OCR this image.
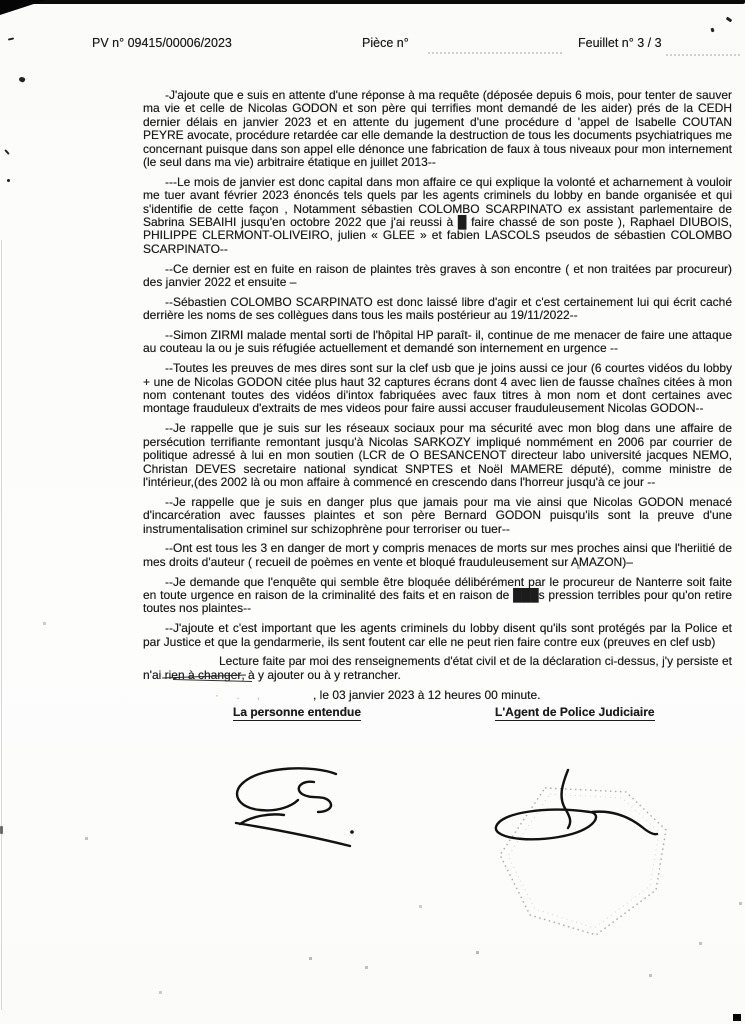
PV n° 09415/00006/2023	Pièce n°	Feuillet n° 3 / 3

-J'ajoute que e suis en attente d'une réponse à ma requête (déposée depuis 6 mois, pour tenter de sauver ma vie et celle de Nicolas GODON et son père qui terrifies mont demandé de les aider) prés de la CEDH dernier délais en janvier 2023 et en attente du jugement d'une procédure d 'appel de Isabelle COUTAN PEYRE avocate, procédure retardée car elle demande la destruction de tous les documents psychiatriques me concernant puisque dans son appel elle dénonce une fabrication de faux à tous niveaux pour mon internement (le seul dans ma vie) arbitraire étatique en juillet 2013--

---Le mois de janvier est donc capital dans mon affaire ce qui explique la volonté et acharnement à vouloir me tuer avant février 2023 énoncés tels quels par les agents criminels du lobby en bande organisée et qui s'identifie de cette façon , Notamment sébastien COLOMBO SCARPINATO ex assistant parlementaire de Sabrina SEBAIHI jusqu'en octobre 2022 que j'ai reussi à █ faire chassé de son poste ), Raphael DIUBOIS, PHILIPPE CLERMONT-OLIVEIRO, julien « GLEE » et fabien LASCOLS pseudos de sébastien COLOMBO SCARPINATO--

--Ce dernier est en fuite en raison de plaintes très graves à son encontre ( et non traitées par procureur) des janvier 2022 et ensuite –

--Sébastien COLOMBO SCARPINATO est donc laissé libre d'agir et c'est certainement lui qui écrit caché derrière les noms de ses collègues dans tous les mails postérieur au 19/11/2022--

--Simon ZIRMI malade mental sorti de l'hôpital HP paraît- il, continue de me menacer de faire une attaque au couteau la ou je suis réfugiée actuellement et demandé son internement en urgence --

--Toutes les preuves de mes dires sont sur la clef usb que je joins aussi ce jour (6 courtes vidéos du lobby + une de Nicolas GODON citée plus haut 32 captures écrans dont 4 avec lien de fausse chaînes citées à mon nom contenant toutes des vidéos di'intox fabriquées avec faux titres à mon nom et dont certaines avec montage frauduleux d'extraits de mes videos pour faire aussi accuser frauduleusement Nicolas GODON--

--Je rappelle que je suis sur les réseaux sociaux pour ma sécurité avec mon blog dans une affaire de persécution terrifiante remontant jusqu'à Nicolas SARKOZY impliqué nommément en 2006 par courrier de politique adressé à lui en mon soutien (LCR de O BESANCENOT directeur labo université jacques NEMO, Christan DEVES secretaire national syndicat SNPTES et Noël MAMERE député), comme ministre de l'intérieur,(des 2002 là ou mon affaire à commencé en crescendo dans l'horreur jusqu'à ce jour --

--Je rappelle que je suis en danger plus que jamais pour ma vie ainsi que Nicolas GODON menacé d'incarcération avec fausses plaintes et son père Bernard GODON puisqu'ils sont la preuve d'une instrumentalisation criminel sur schizophrène pour terroriser ou tuer--

--Ont est tous les 3 en danger de mort y compris menaces de morts sur mes proches ainsi que l'heriitié de mes droits d'auteur ( recueil de poèmes en vente et bloqué frauduleusement sur AMAZON)–

--Je demande que l'enquête qui semble être bloquée délibérément par le procureur de Nanterre soit faite en toute urgence en raison de la criminalité des faits et en raison de ███s pression terribles pour qu'on retire toutes nos plaintes--

--J'ajoute et c'est important que les agents criminels du lobby disent qu'ils sont protégés par la Police et par Justice et que la gendarmerie, ils sent foutent car elle ne peut rien faire contre eux (preuves en clef usb)

Lecture faite par moi des renseignements d'état civil et de la déclaration ci-dessus, j'y persiste et n'ai rien à changer, à y ajouter ou à y retrancher.

· . ‚	, le 03 janvier 2023 à 12 heures 00 minute.
La personne entendue	L'Agent de Police Judiciaire
